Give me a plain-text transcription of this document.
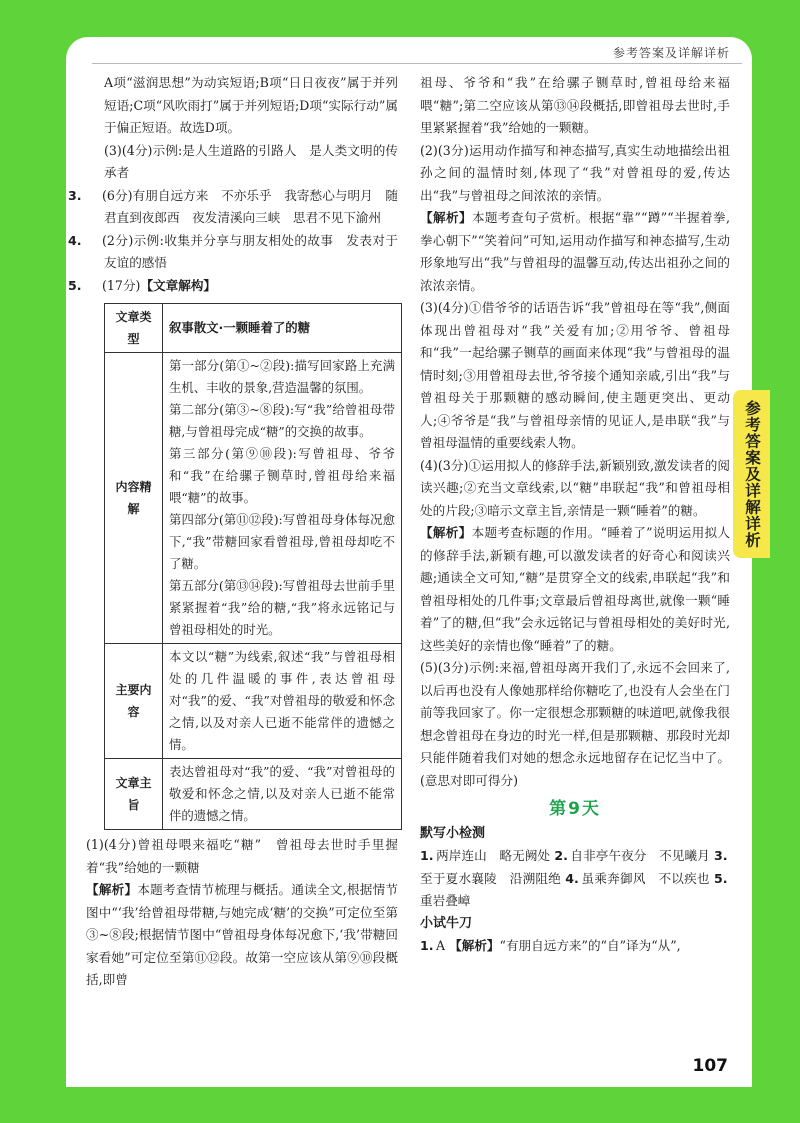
参考答案及详解详析

A项“滋润思想”为动宾短语;B项“日日夜夜”属于并列短语;C项“风吹雨打”属于并列短语;D项“实际行动”属于偏正短语。故选D项。

(3)(4分)示例:是人生道路的引路人　是人类文明的传承者

3. (6分)有朋自远方来　不亦乐乎　我寄愁心与明月　随君直到夜郎西　夜发清溪向三峡　思君不见下渝州

4. (2分)示例:收集并分享与朋友相处的故事　发表对于友谊的感悟

5. (17分)【文章解构】

文章类型	叙事散文·一颗睡着了的糖
内容精解	第一部分(第①~②段):描写回家路上充满生机、丰收的景象,营造温馨的氛围。
第二部分(第③~⑧段):写“我”给曾祖母带糖,与曾祖母完成“糖”的交换的故事。
第三部分(第⑨⑩段):写曾祖母、爷爷和“我”在给骡子铡草时,曾祖母给来福喂“糖”的故事。
第四部分(第⑪⑫段):写曾祖母身体每况愈下,“我”带糖回家看曾祖母,曾祖母却吃不了糖。
第五部分(第⑬⑭段):写曾祖母去世前手里紧紧握着“我”给的糖,“我”将永远铭记与曾祖母相处的时光。

主要内容	本文以“糖”为线索,叙述“我”与曾祖母相处的几件温暖的事件,表达曾祖母对“我”的爱、“我”对曾祖母的敬爱和怀念之情,以及对亲人已逝不能常伴的遗憾之情。
文章主旨	表达曾祖母对“我”的爱、“我”对曾祖母的敬爱和怀念之情,以及对亲人已逝不能常伴的遗憾之情。

(1)(4分)曾祖母喂来福吃“糖”　曾祖母去世时手里握着“我”给她的一颗糖

【解析】本题考查情节梳理与概括。通读全文,根据情节图中“‘我’给曾祖母带糖,与她完成‘糖’的交换”可定位至第③~⑧段;根据情节图中“曾祖母身体每况愈下,‘我’带糖回家看她”可定位至第⑪⑫段。故第一空应该从第⑨⑩段概括,即曾

祖母、爷爷和“我”在给骡子铡草时,曾祖母给来福喂“糖”;第二空应该从第⑬⑭段概括,即曾祖母去世时,手里紧紧握着“我”给她的一颗糖。

(2)(3分)运用动作描写和神态描写,真实生动地描绘出祖孙之间的温情时刻,体现了“我”对曾祖母的爱,传达出“我”与曾祖母之间浓浓的亲情。

【解析】本题考查句子赏析。根据“靠”“蹲”“半握着拳,拳心朝下”“笑着问”可知,运用动作描写和神态描写,生动形象地写出“我”与曾祖母的温馨互动,传达出祖孙之间的浓浓亲情。

(3)(4分)①借爷爷的话语告诉“我”曾祖母在等“我”,侧面体现出曾祖母对“我”关爱有加;②用爷爷、曾祖母和“我”一起给骡子铡草的画面来体现“我”与曾祖母的温情时刻;③用曾祖母去世,爷爷接个通知亲戚,引出“我”与曾祖母关于那颗糖的感动瞬间,使主题更突出、更动人;④爷爷是“我”与曾祖母亲情的见证人,是串联“我”与曾祖母温情的重要线索人物。

(4)(3分)①运用拟人的修辞手法,新颖别致,激发读者的阅读兴趣;②充当文章线索,以“糖”串联起“我”和曾祖母相处的片段;③暗示文章主旨,亲情是一颗“睡着”的糖。

【解析】本题考查标题的作用。“睡着了”说明运用拟人的修辞手法,新颖有趣,可以激发读者的好奇心和阅读兴趣;通读全文可知,“糖”是贯穿全文的线索,串联起“我”和曾祖母相处的几件事;文章最后曾祖母离世,就像一颗“睡着”了的糖,但“我”会永远铭记与曾祖母相处的美好时光,这些美好的亲情也像“睡着”了的糖。

(5)(3分)示例:来福,曾祖母离开我们了,永远不会回来了,以后再也没有人像她那样给你糖吃了,也没有人会坐在门前等我回家了。你一定很想念那颗糖的味道吧,就像我很想念曾祖母在身边的时光一样,但是那颗糖、那段时光却只能伴随着我们对她的想念永远地留存在记忆当中了。(意思对即可得分)

第9天
默写小检测

1. 两岸连山　略无阙处 2. 自非亭午夜分　不见曦月 3.至于夏水襄陵　沿溯阻绝 4. 虽乘奔御风　不以疾也 5.重岩叠嶂

小试牛刀

1. A 【解析】“有朋自远方来”的“自”译为“从”,

参考答案及详解详析
107
